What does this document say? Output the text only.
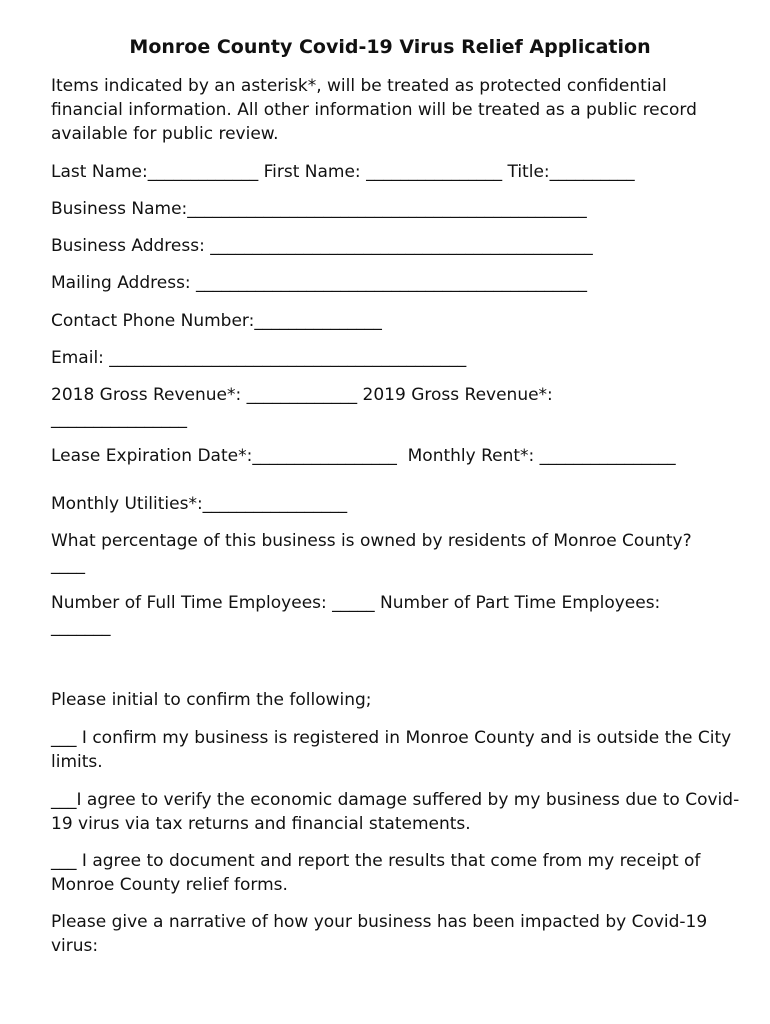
Monroe County Covid-19 Virus Relief Application
Items indicated by an asterisk*, will be treated as protected confidential financial information. All other information will be treated as a public record available for public review.
Last Name:_____________ First Name: ________________ Title:__________
Business Name:_______________________________________________
Business Address: _____________________________________________
Mailing Address: ______________________________________________
Contact Phone Number:_______________
Email: __________________________________________
2018 Gross Revenue*: _____________ 2019 Gross Revenue*:
________________
Lease Expiration Date*:_________________  Monthly Rent*: ________________
Monthly Utilities*:_________________
What percentage of this business is owned by residents of Monroe County?
____
Number of Full Time Employees: _____ Number of Part Time Employees:
_______
Please initial to confirm the following;
___ I confirm my business is registered in Monroe County and is outside the City limits.
___I agree to verify the economic damage suffered by my business due to Covid-19 virus via tax returns and financial statements.
___ I agree to document and report the results that come from my receipt of Monroe County relief forms.
Please give a narrative of how your business has been impacted by Covid-19 virus:
